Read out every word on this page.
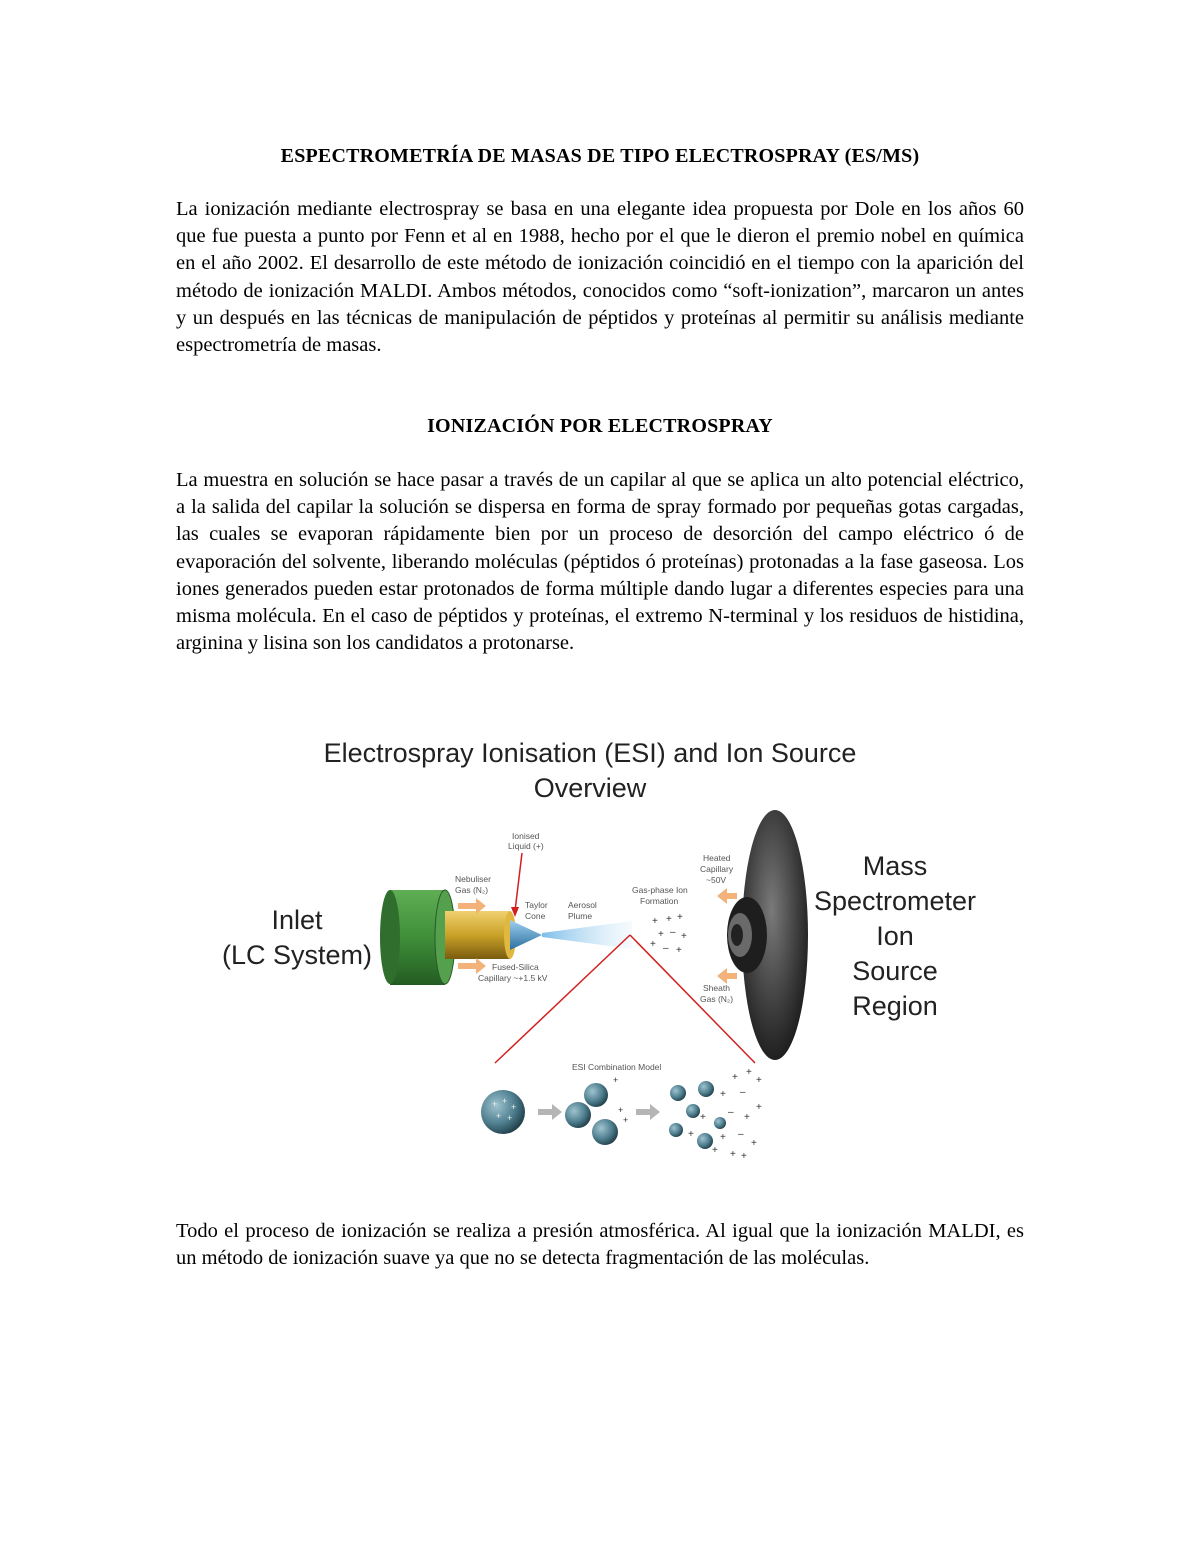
ESPECTROMETRÍA DE MASAS DE TIPO ELECTROSPRAY (ES/MS)

La ionización mediante electrospray se basa en una elegante idea propuesta por Dole en los años 60 que fue puesta a punto por Fenn et al en 1988, hecho por el que le dieron el premio nobel en química en el año 2002. El desarrollo de este método de ionización coincidió en el tiempo con la aparición del método de ionización MALDI. Ambos métodos, conocidos como “soft-ionization”, marcaron un antes y un después en las técnicas de manipulación de péptidos y proteínas al permitir su análisis mediante espectrometría de masas.

IONIZACIÓN POR ELECTROSPRAY

La muestra en solución se hace pasar a través de un capilar al que se aplica un alto potencial eléctrico, a la salida del capilar la solución se dispersa en forma de spray formado por pequeñas gotas cargadas, las cuales se evaporan rápidamente bien por un proceso de desorción del campo eléctrico ó de evaporación del solvente, liberando moléculas (péptidos ó proteínas) protonadas a la fase gaseosa. Los iones generados pueden estar protonados de forma múltiple dando lugar a diferentes especies para una misma molécula. En el caso de péptidos y proteínas, el extremo N-terminal y los residuos de histidina, arginina y lisina son los candidatos a protonarse.

Electrospray Ionisation (ESI) and Ion Source
Overview
Inlet
(LC System)
Ionised
Liquid (+)
Nebuliser
Gas (N₂)
Taylor
Cone
Aerosol
Plume
Gas-phase Ion
Formation
Heated
Capillary
~50V
Fused-Silica
Capillary ~+1.5 kV
Sheath
Gas (N₂)
ESI Combination Model
+ + +
+ – +
+ – +
Mass
Spectrometer
Ion
Source
Region
+ +
+
+ +
+
+
+
+ +
+
+ –
+
+ – +
+	+ –
+
+ + +

Todo el proceso de ionización se realiza a presión atmosférica. Al igual que la ionización MALDI, es un método de ionización suave ya que no se detecta fragmentación de las moléculas.
